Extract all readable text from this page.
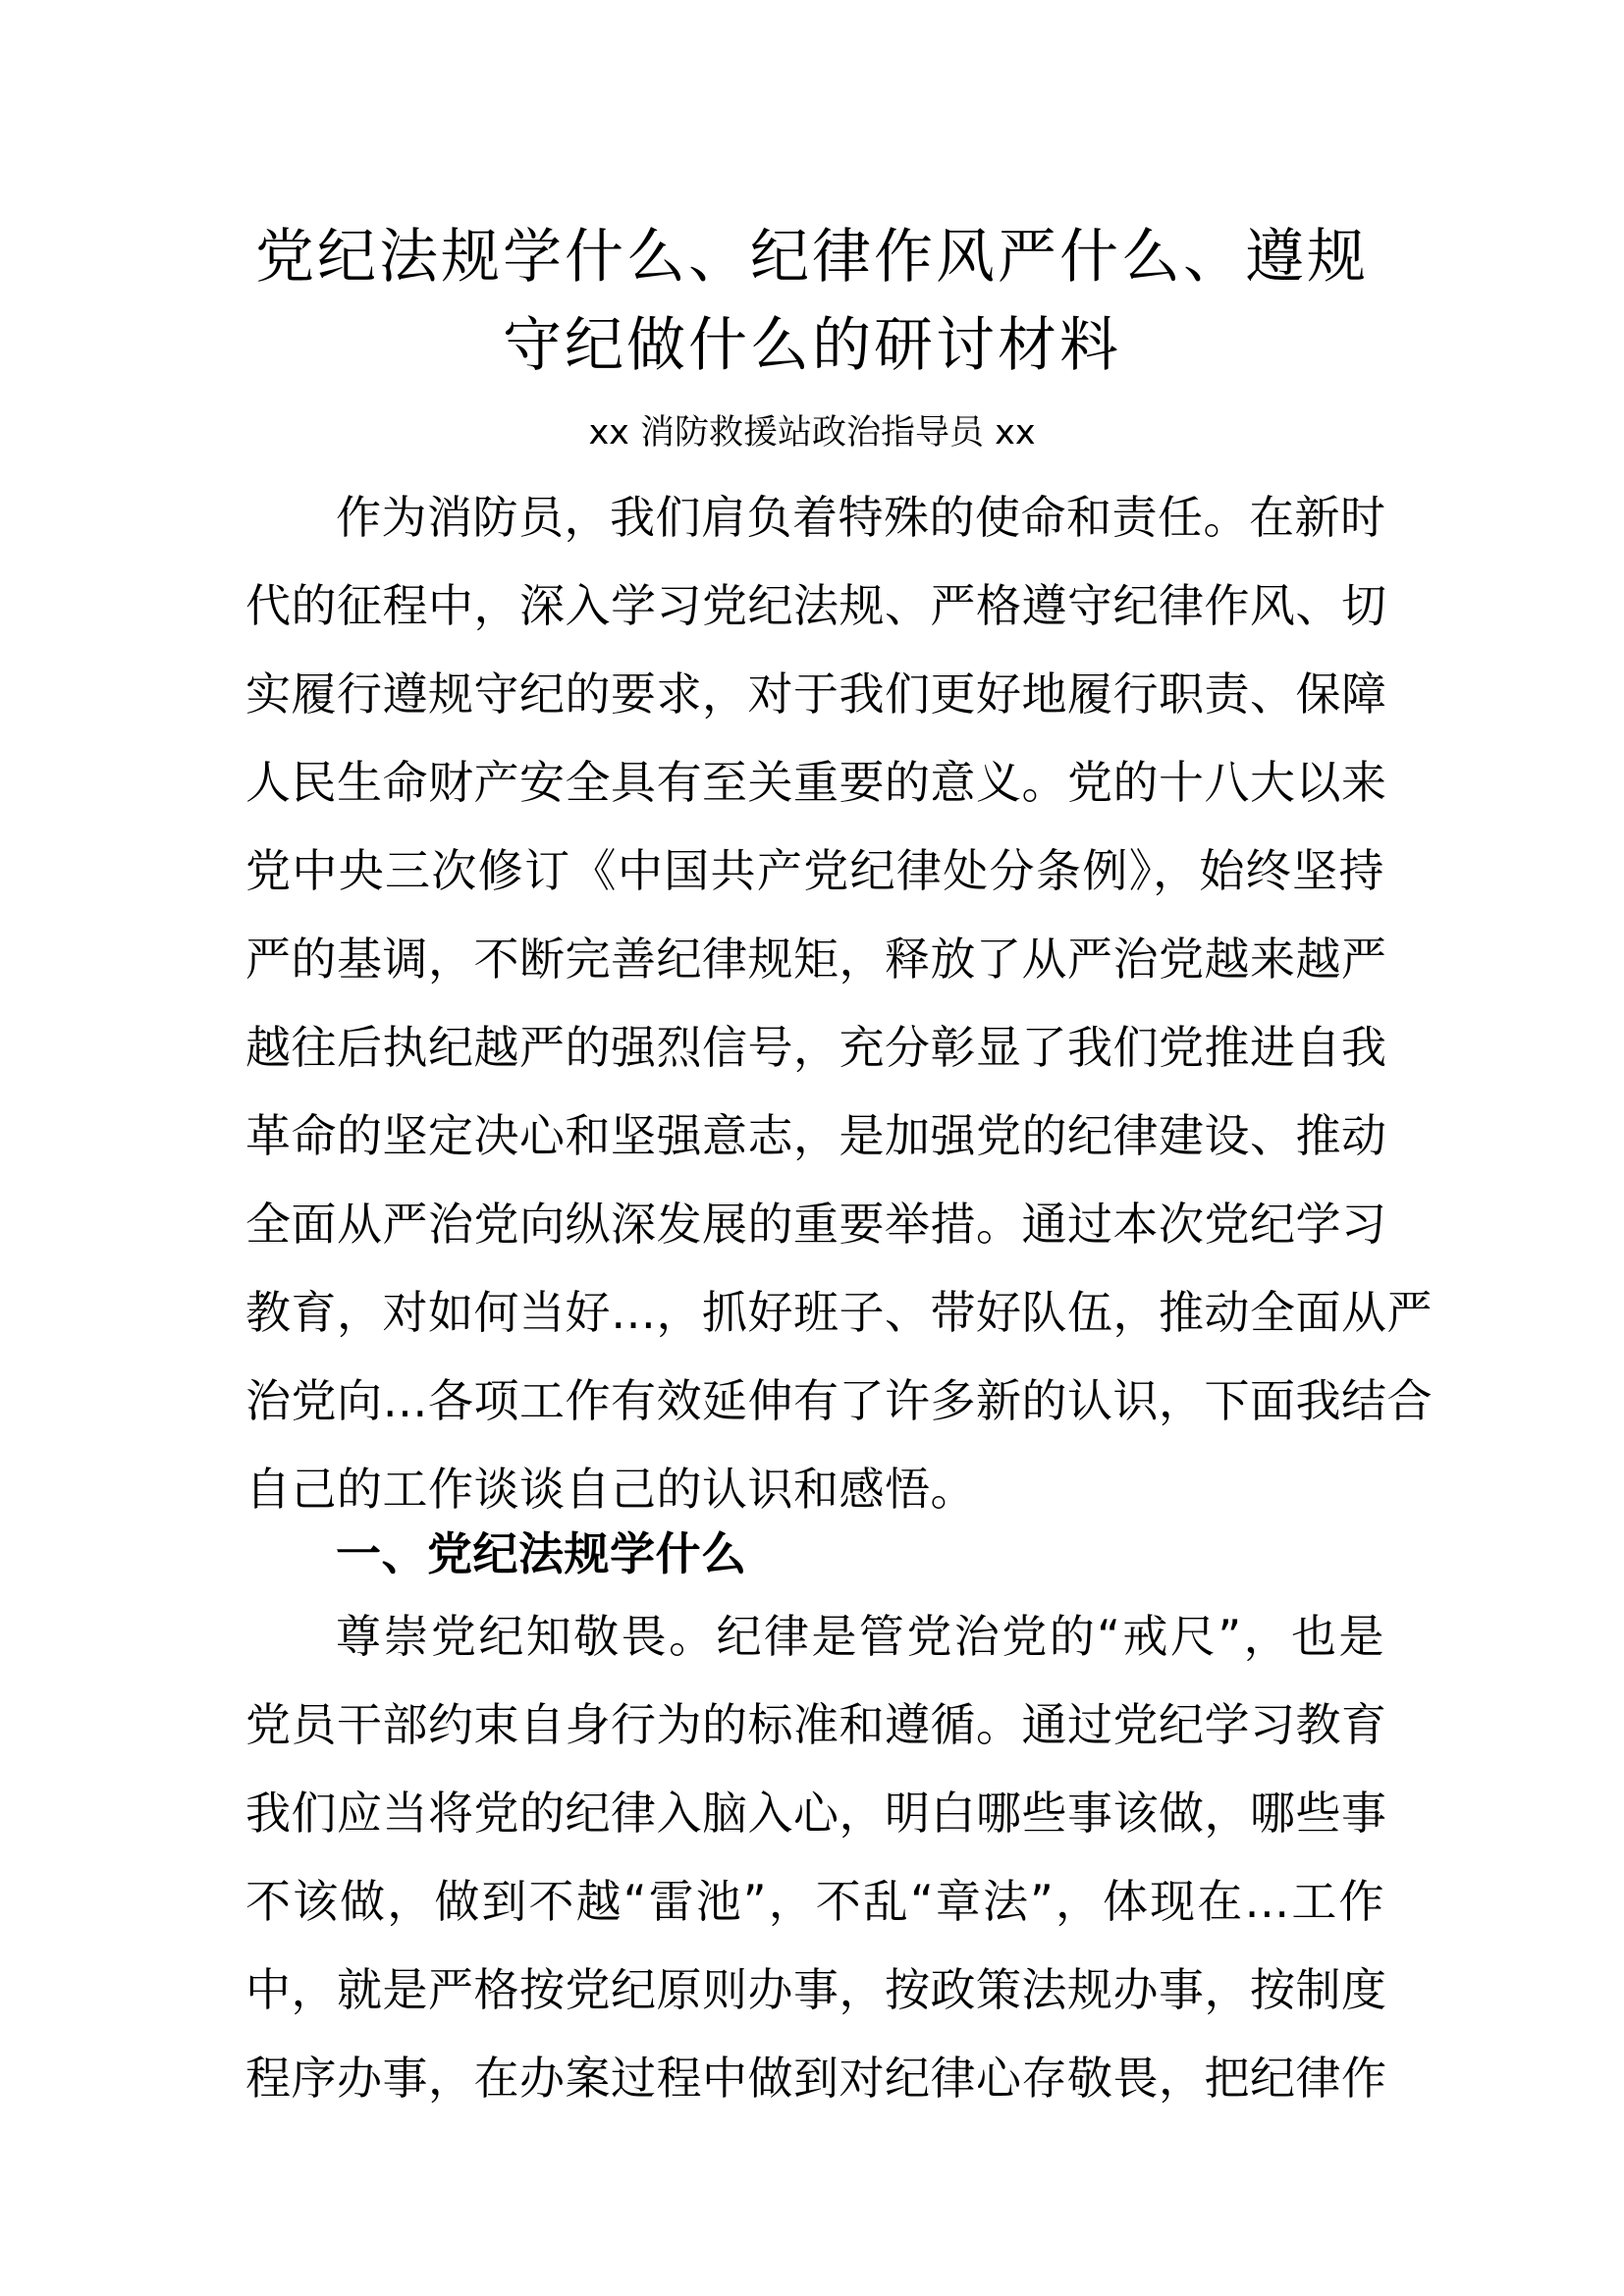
党纪法规学什么、纪律作风严什么、遵规
守纪做什么的研讨材料
xx 消防救援站政治指导员 xx
作为消防员，我们肩负着特殊的使命和责任。在新时
代的征程中，深入学习党纪法规、严格遵守纪律作风、切
实履行遵规守纪的要求，对于我们更好地履行职责、保障
人民生命财产安全具有至关重要的意义。党的十八大以来
党中央三次修订《中国共产党纪律处分条例》，始终坚持
严的基调，不断完善纪律规矩，释放了从严治党越来越严
越往后执纪越严的强烈信号，充分彰显了我们党推进自我
革命的坚定决心和坚强意志，是加强党的纪律建设、推动
全面从严治党向纵深发展的重要举措。通过本次党纪学习
教育，对如何当好…，抓好班子、带好队伍，推动全面从严
治党向…各项工作有效延伸有了许多新的认识，下面我结合
自己的工作谈谈自己的认识和感悟。
一、党纪法规学什么
尊崇党纪知敬畏。纪律是管党治党的“戒尺”，也是
党员干部约束自身行为的标准和遵循。通过党纪学习教育
我们应当将党的纪律入脑入心，明白哪些事该做，哪些事
不该做，做到不越“雷池”，不乱“章法”，体现在…工作
中，就是严格按党纪原则办事，按政策法规办事，按制度
程序办事，在办案过程中做到对纪律心存敬畏，把纪律作
